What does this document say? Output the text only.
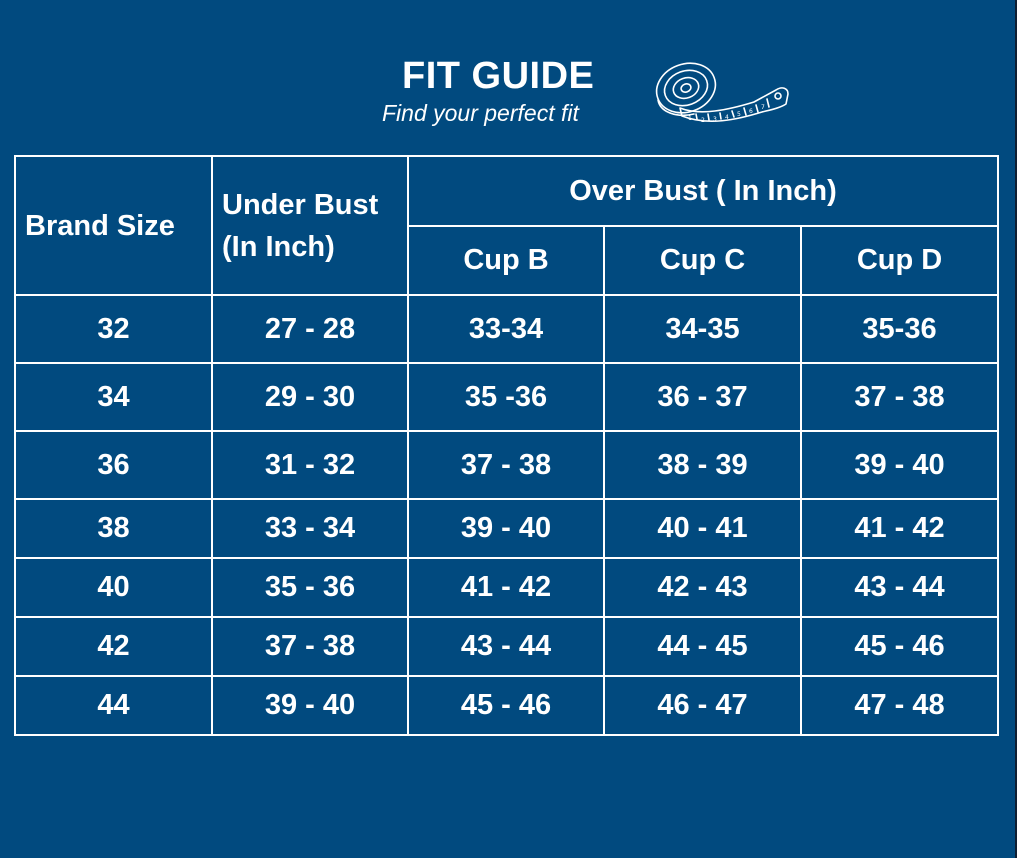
FIT GUIDE
Find your perfect fit	1 2 3 4 5 6
7
Brand Size	Under Bust (In Inch)	Over Bust ( In Inch)		
		Cup B	Cup C	Cup D
32	27 - 28	33-34	34-35	35-36
34	29 - 30	35 -36	36 - 37	37 - 38
36	31 - 32	37 - 38	38 - 39	39 - 40
38	33 - 34	39 - 40	40 - 41	41 - 42
40	35 - 36	41 - 42	42 - 43	43 - 44
42	37 - 38	43 - 44	44 - 45	45 - 46
44	39 - 40	45 - 46	46 - 47	47 - 48
